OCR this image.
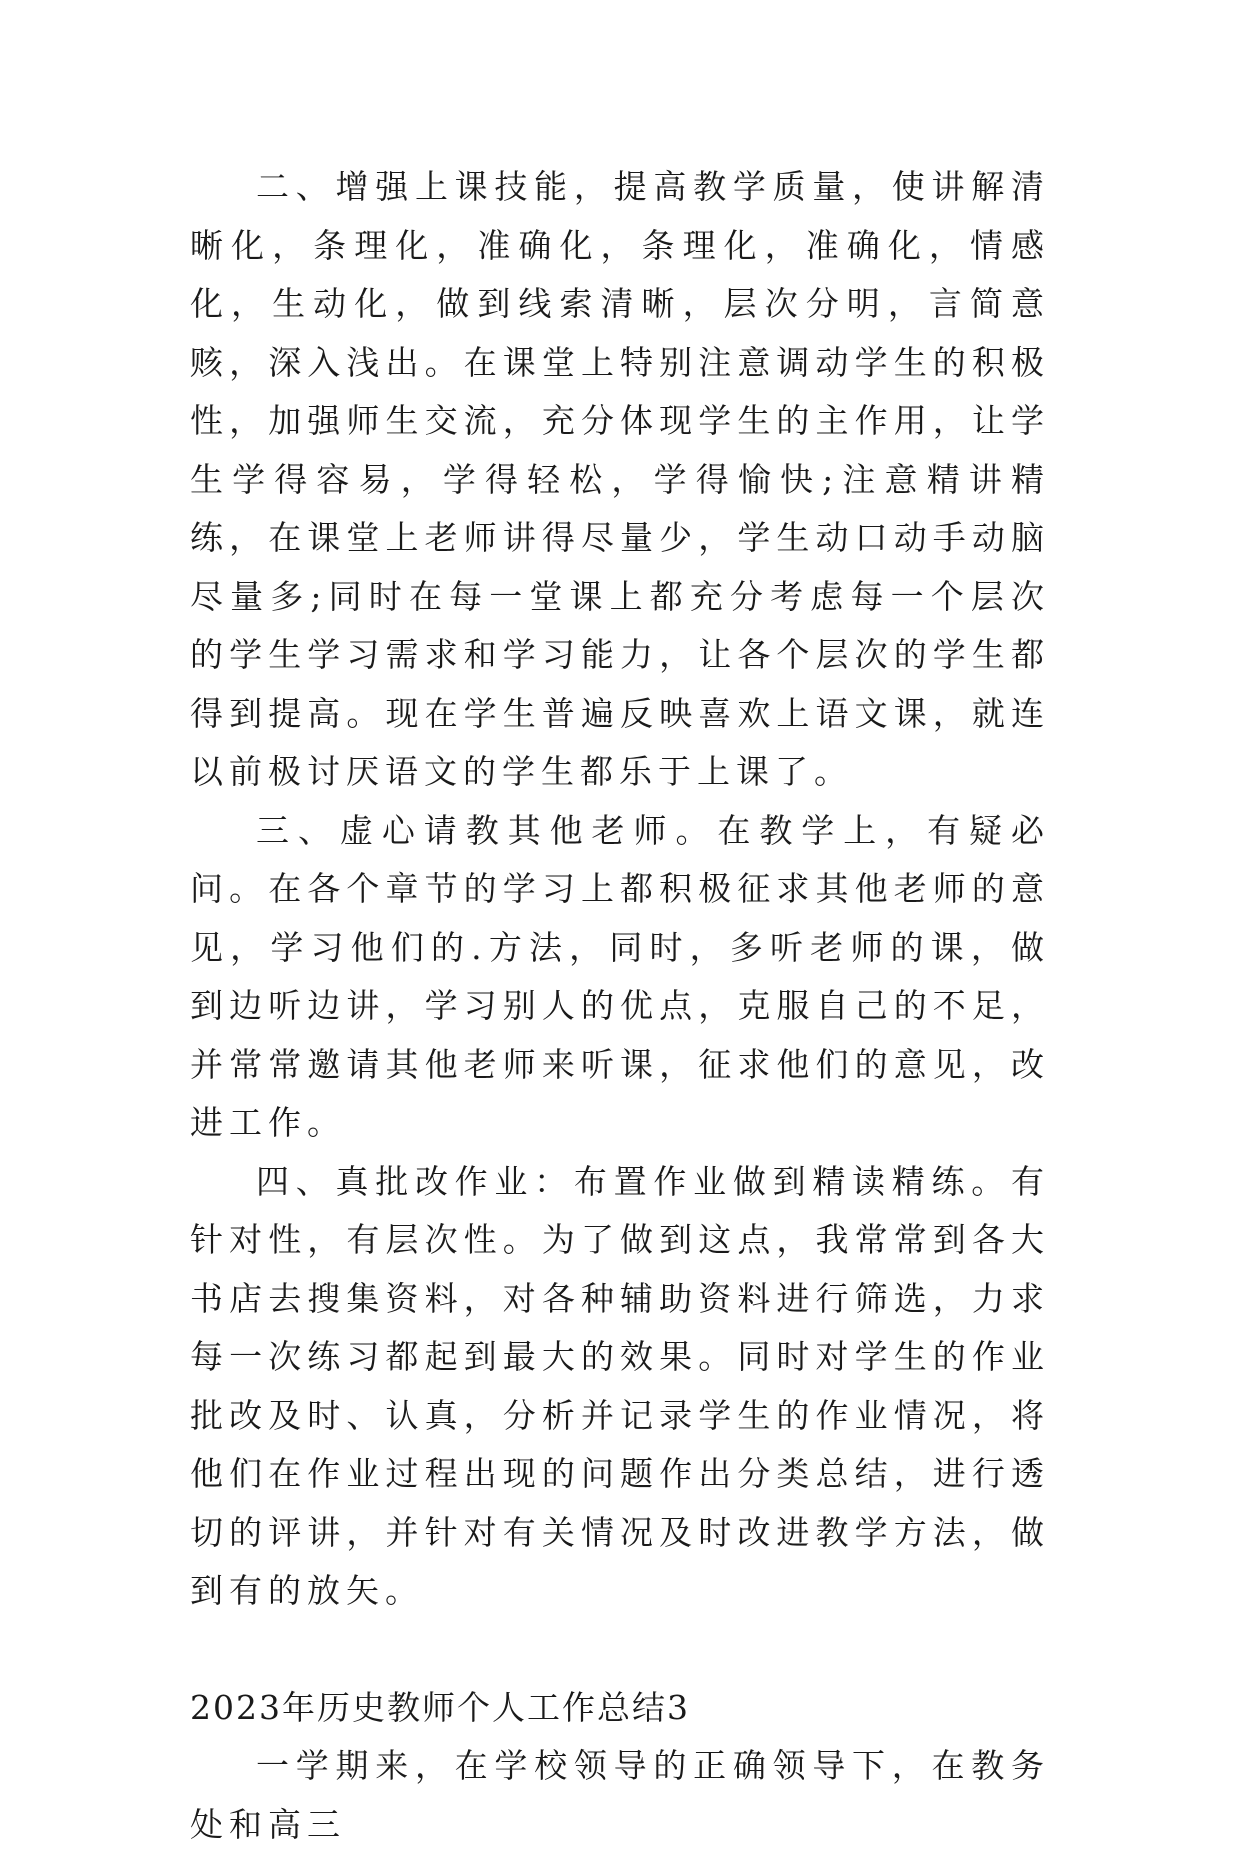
二、增强上课技能，提高教学质量，使讲解清晰化，条理化，准确化，条理化，准确化，情感化，生动化，做到线索清晰，层次分明，言简意赅，深入浅出。在课堂上特别注意调动学生的积极性，加强师生交流，充分体现学生的主作用，让学生学得容易，学得轻松，学得愉快;注意精讲精练，在课堂上老师讲得尽量少，学生动口动手动脑尽量多;同时在每一堂课上都充分考虑每一个层次的学生学习需求和学习能力，让各个层次的学生都得到提高。现在学生普遍反映喜欢上语文课，就连以前极讨厌语文的学生都乐于上课了。

三、虚心请教其他老师。在教学上，有疑必问。在各个章节的学习上都积极征求其他老师的意见，学习他们的.方法，同时，多听老师的课，做到边听边讲，学习别人的优点，克服自己的不足，并常常邀请其他老师来听课，征求他们的意见，改进工作。

四、真批改作业：布置作业做到精读精练。有针对性，有层次性。为了做到这点，我常常到各大书店去搜集资料，对各种辅助资料进行筛选，力求每一次练习都起到最大的效果。同时对学生的作业批改及时、认真，分析并记录学生的作业情况，将他们在作业过程出现的问题作出分类总结，进行透切的评讲，并针对有关情况及时改进教学方法，做到有的放矢。

2023年历史教师个人工作总结3

一学期来，在学校领导的正确领导下，在教务处和高三
